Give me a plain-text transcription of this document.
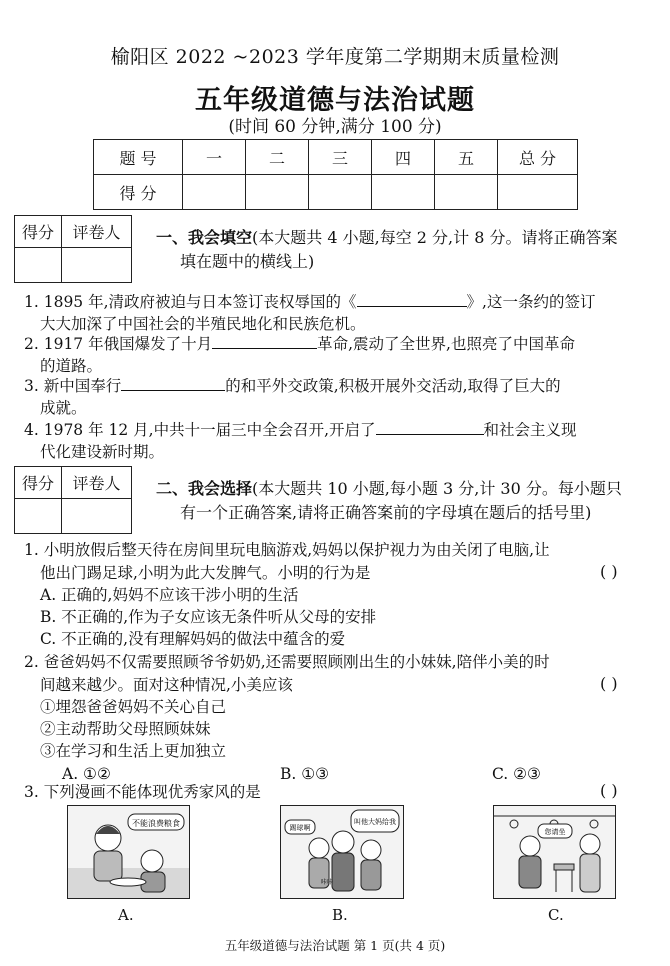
榆阳区 2022 ~2023 学年度第二学期期末质量检测
五年级道德与法治试题
(时间 60 分钟,满分 100 分)
题 号	一	二	三	四	五	总 分
得 分						
得分	评卷人
	一、我会填空(本大题共 4 小题,每空 2 分,计 8 分。请将正确答案
填在题中的横线上)
1. 1895 年,清政府被迫与日本签订丧权辱国的《	》,这一条约的签订
大大加深了中国社会的半殖民地化和民族危机。
2. 1917 年俄国爆发了十月	革命,震动了全世界,也照亮了中国革命
的道路。
3. 新中国奉行	的和平外交政策,积极开展外交活动,取得了巨大的
成就。
4. 1978 年 12 月,中共十一届三中全会召开,开启了	和社会主义现
代化建设新时期。
得分	评卷人
	二、我会选择(本大题共 10 小题,每小题 3 分,计 30 分。每小题只
有一个正确答案,请将正确答案前的字母填在题后的括号里)
1. 小明放假后整天待在房间里玩电脑游戏,妈妈以保护视力为由关闭了电脑,让
他出门踢足球,小明为此大发脾气。小明的行为是	( )
A. 正确的,妈妈不应该干涉小明的生活
B. 不正确的,作为子女应该无条件听从父母的安排
C. 不正确的,没有理解妈妈的做法中蕴含的爱
2. 爸爸妈妈不仅需要照顾爷爷奶奶,还需要照顾刚出生的小妹妹,陪伴小美的时
间越来越少。面对这种情况,小美应该	( )
①埋怨爸爸妈妈不关心自己
②主动帮助父母照顾妹妹
③在学习和生活上更加独立
A. ①②	B. ①③	C. ②③
3. 下列漫画不能体现优秀家风的是	( )
不能浪费粮食
A.
踢球啊
叫他大妈给我
咔咔
B.
您请坐
C.
五年级道德与法治试题 第 1 页(共 4 页)
